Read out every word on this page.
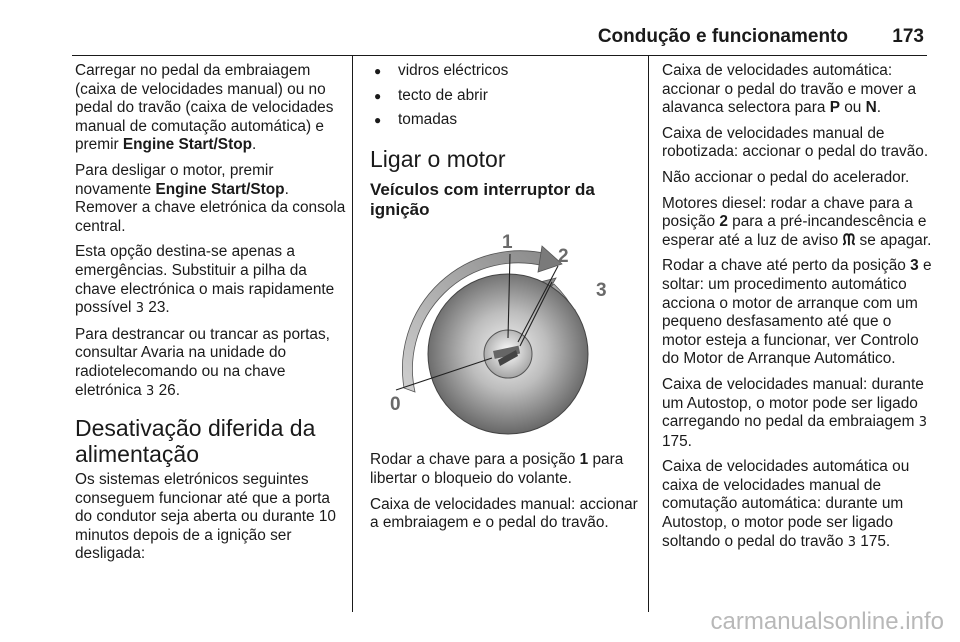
Condução e funcionamento 173

Carregar no pedal da embraiagem (caixa de velocidades manual) ou no pedal do travão (caixa de velocidades manual de comutação automática) e premir Engine Start/Stop.

Para desligar o motor, premir novamente Engine Start/Stop. Remover a chave eletrónica da consola central.

Esta opção destina-se apenas a emergências. Substituir a pilha da chave electrónica o mais rapidamente possível 3 23.

Para destrancar ou trancar as portas, consultar Avaria na unidade do radiotelecomando ou na chave eletrónica 3 26.

Desativação diferida da alimentação

Os sistemas eletrónicos seguintes conseguem funcionar até que a porta do condutor seja aberta ou durante 10 minutos depois de a ignição ser desligada:

● vidros eléctricos
● tecto de abrir
● tomadas
Ligar o motor
Veículos com interruptor da ignição
0
1
2
3

Rodar a chave para a posição 1 para libertar o bloqueio do volante.

Caixa de velocidades manual: accionar a embraiagem e o pedal do travão.

Caixa de velocidades automática: accionar o pedal do travão e mover a alavanca selectora para P ou N.

Caixa de velocidades manual de robotizada: accionar o pedal do travão.

Não accionar o pedal do acelerador.

Motores diesel: rodar a chave para a posição 2 para a pré-incandescência e esperar até a luz de aviso ᙏ se apagar.

Rodar a chave até perto da posição 3 e soltar: um procedimento automático acciona o motor de arranque com um pequeno desfasamento até que o motor esteja a funcionar, ver Controlo do Motor de Arranque Automático.

Caixa de velocidades manual: durante um Autostop, o motor pode ser ligado carregando no pedal da embraiagem 3 175.

Caixa de velocidades automática ou caixa de velocidades manual de comutação automática: durante um Autostop, o motor pode ser ligado soltando o pedal do travão 3 175.

carmanualsonline.info
